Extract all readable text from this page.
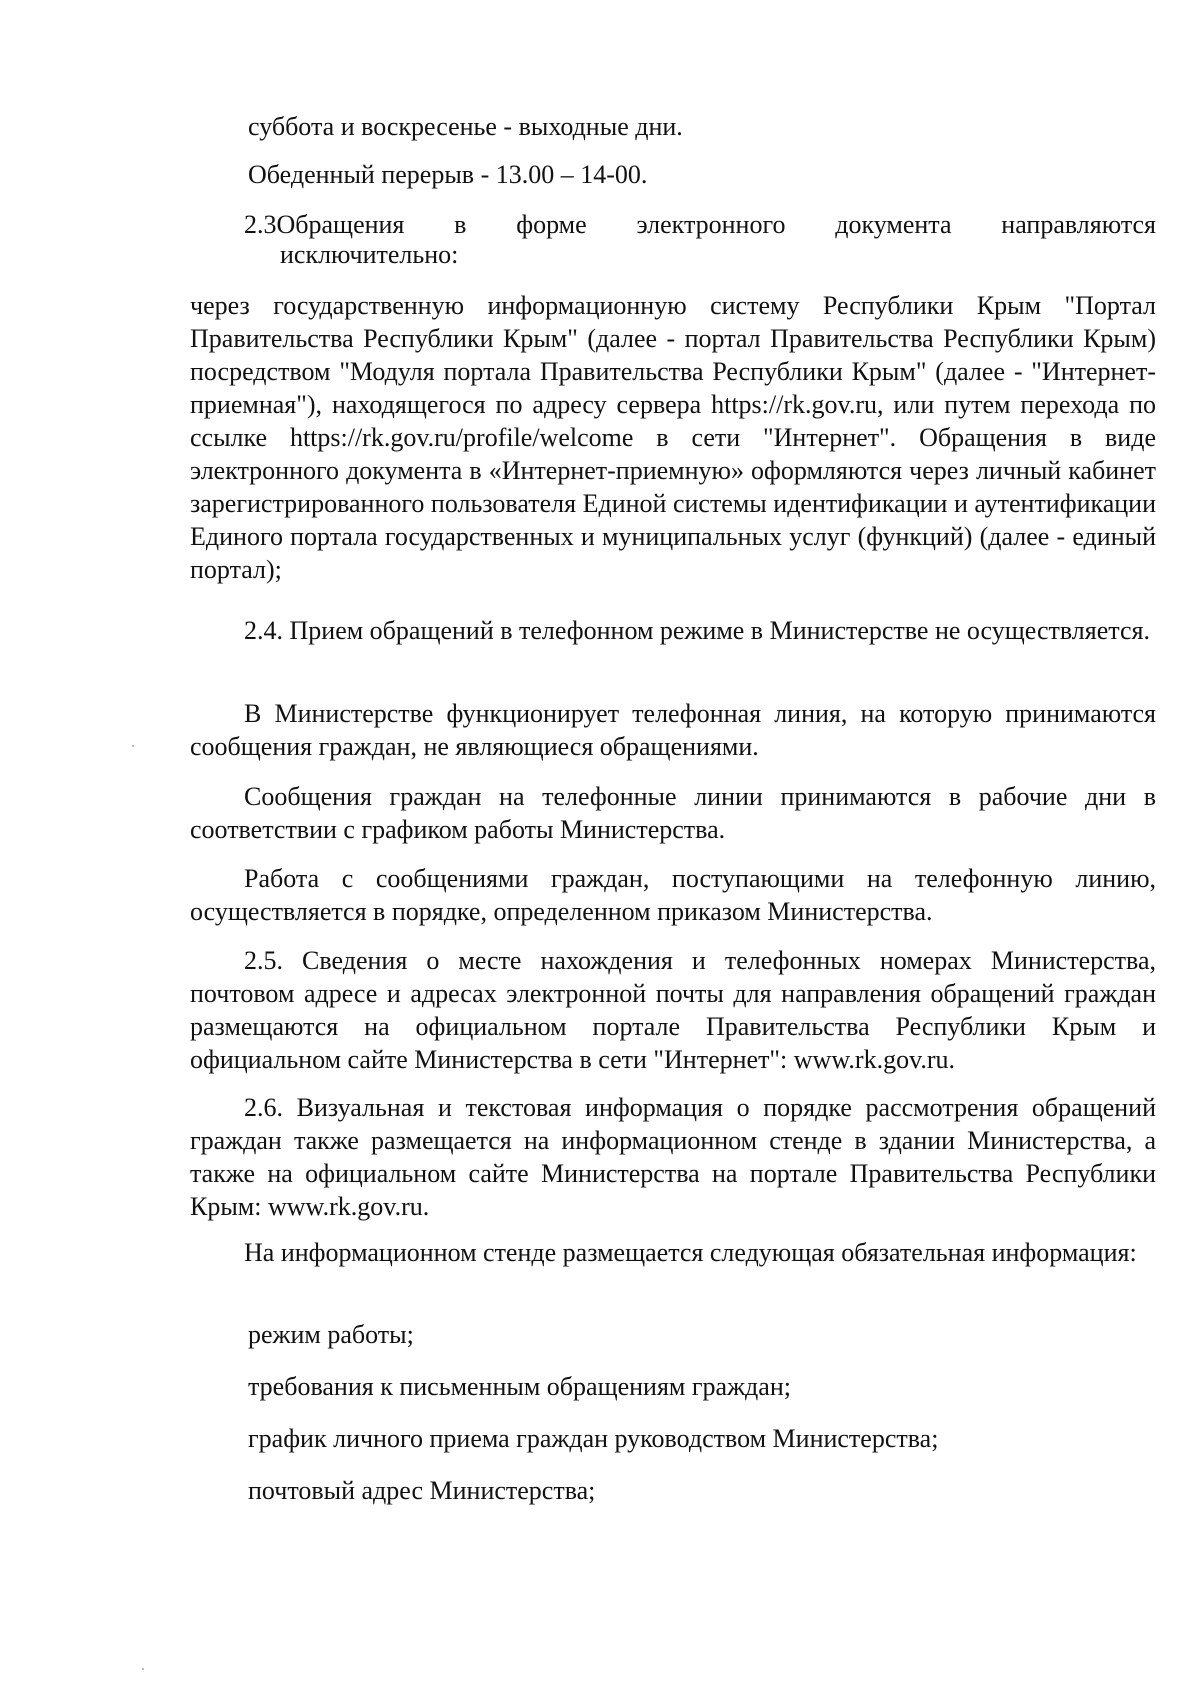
суббота и воскресенье - выходные дни.

Обеденный перерыв - 13.00 – 14-00.

2.3Обращения в форме электронного документа направляются

исключительно:

через государственную информационную систему Республики Крым "Портал Правительства Республики Крым" (далее - портал Правительства Республики Крым) посредством "Модуля портала Правительства Республики Крым" (далее - "Интернет-приемная"), находящегося по адресу сервера https://rk.gov.ru, или путем перехода по ссылке https://rk.gov.ru/profile/welcome в сети "Интернет". Обращения в виде электронного документа в «Интернет-приемную» оформляются через личный кабинет зарегистрированного пользователя Единой системы идентификации и аутентификации Единого портала государственных и муниципальных услуг (функций) (далее - единый портал);

2.4. Прием обращений в телефонном режиме в Министерстве не осуществляется.

В Министерстве функционирует телефонная линия, на которую принимаются сообщения граждан, не являющиеся обращениями.

Сообщения граждан на телефонные линии принимаются в рабочие дни в соответствии с графиком работы Министерства.

Работа с сообщениями граждан, поступающими на телефонную линию, осуществляется в порядке, определенном приказом Министерства.

2.5. Сведения о месте нахождения и телефонных номерах Министерства, почтовом адресе и адресах электронной почты для направления обращений граждан размещаются на официальном портале Правительства Республики Крым и официальном сайте Министерства в сети "Интернет": www.rk.gov.ru.

2.6. Визуальная и текстовая информация о порядке рассмотрения обращений граждан также размещается на информационном стенде в здании Министерства, а также на официальном сайте Министерства на портале Правительства Республики Крым: www.rk.gov.ru.

На информационном стенде размещается следующая обязательная информация:

режим работы;

требования к письменным обращениям граждан;

график личного приема граждан руководством Министерства;

почтовый адрес Министерства;
